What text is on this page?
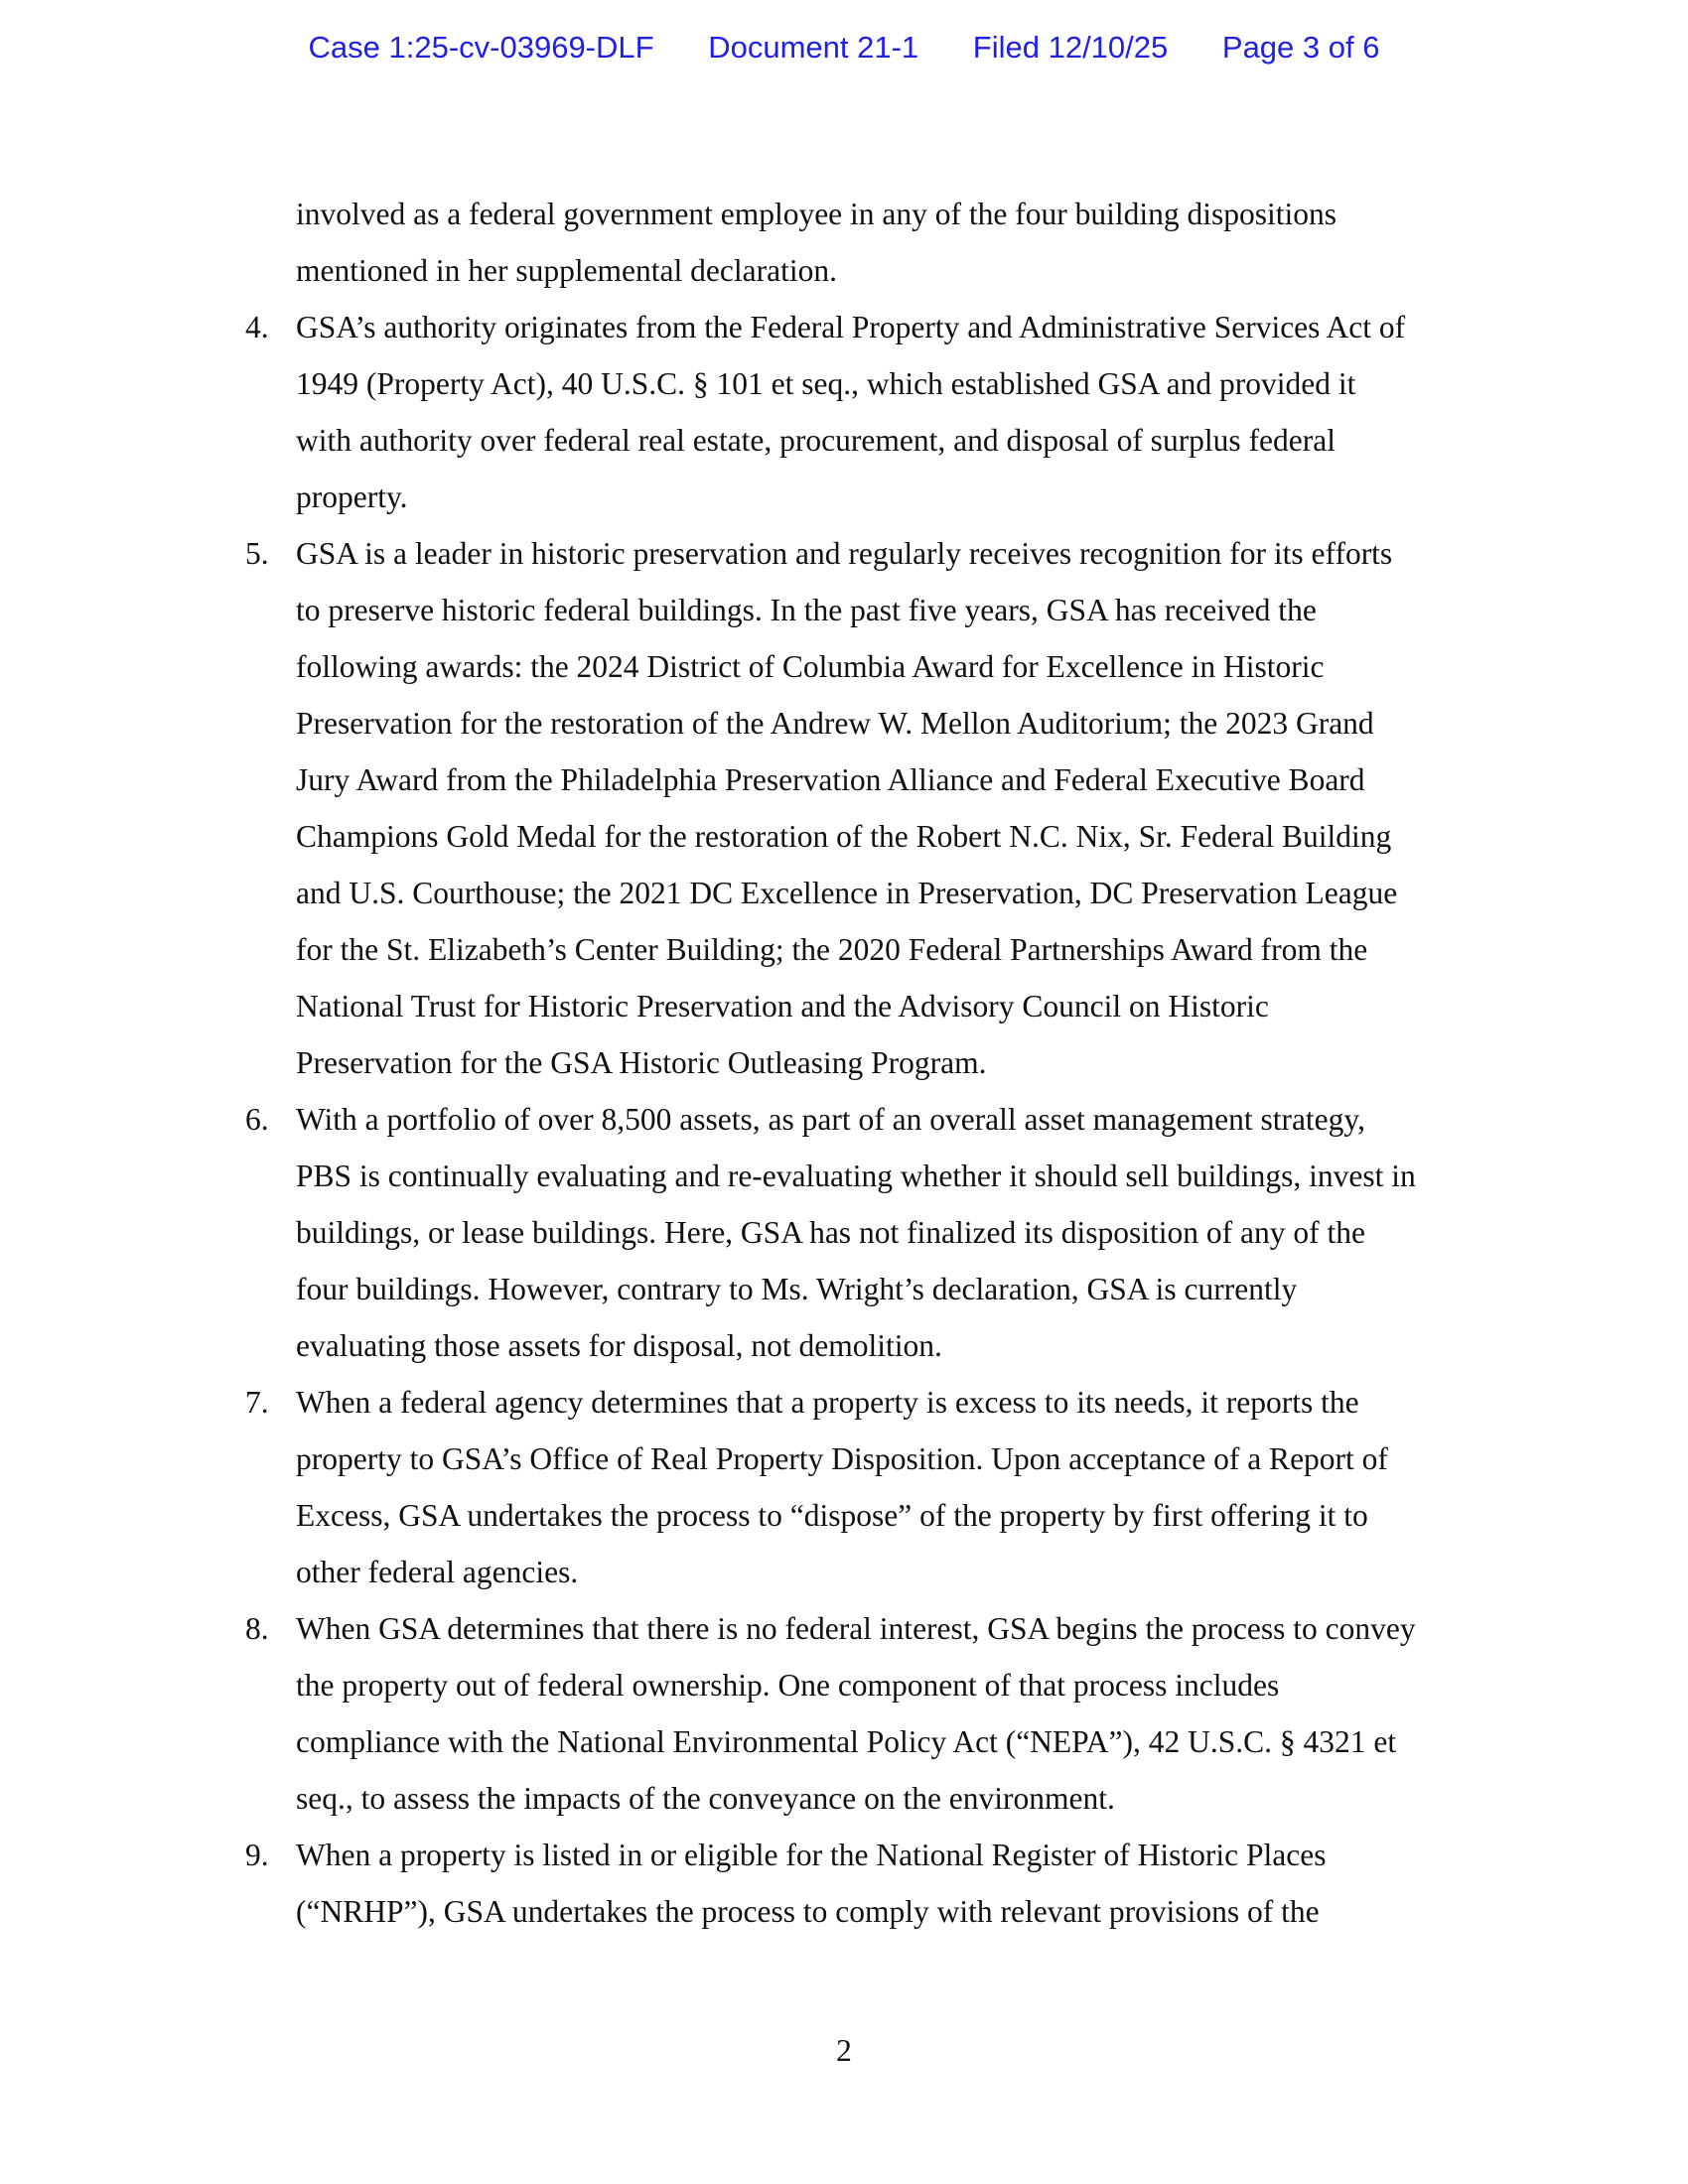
Case 1:25-cv-03969-DLF Document 21-1 Filed 12/10/25 Page 3 of 6
involved as a federal government employee in any of the four building dispositions
mentioned in her supplemental declaration.
4. GSA’s authority originates from the Federal Property and Administrative Services Act of
1949 (Property Act), 40 U.S.C. § 101 et seq., which established GSA and provided it
with authority over federal real estate, procurement, and disposal of surplus federal
property.
5. GSA is a leader in historic preservation and regularly receives recognition for its efforts
to preserve historic federal buildings. In the past five years, GSA has received the
following awards: the 2024 District of Columbia Award for Excellence in Historic
Preservation for the restoration of the Andrew W. Mellon Auditorium; the 2023 Grand
Jury Award from the Philadelphia Preservation Alliance and Federal Executive Board
Champions Gold Medal for the restoration of the Robert N.C. Nix, Sr. Federal Building
and U.S. Courthouse; the 2021 DC Excellence in Preservation, DC Preservation League
for the St. Elizabeth’s Center Building; the 2020 Federal Partnerships Award from the
National Trust for Historic Preservation and the Advisory Council on Historic
Preservation for the GSA Historic Outleasing Program.
6. With a portfolio of over 8,500 assets, as part of an overall asset management strategy,
PBS is continually evaluating and re-evaluating whether it should sell buildings, invest in
buildings, or lease buildings. Here, GSA has not finalized its disposition of any of the
four buildings. However, contrary to Ms. Wright’s declaration, GSA is currently
evaluating those assets for disposal, not demolition.
7. When a federal agency determines that a property is excess to its needs, it reports the
property to GSA’s Office of Real Property Disposition. Upon acceptance of a Report of
Excess, GSA undertakes the process to “dispose” of the property by first offering it to
other federal agencies.
8. When GSA determines that there is no federal interest, GSA begins the process to convey
the property out of federal ownership. One component of that process includes
compliance with the National Environmental Policy Act (“NEPA”), 42 U.S.C. § 4321 et
seq., to assess the impacts of the conveyance on the environment.
9. When a property is listed in or eligible for the National Register of Historic Places
(“NRHP”), GSA undertakes the process to comply with relevant provisions of the
2
